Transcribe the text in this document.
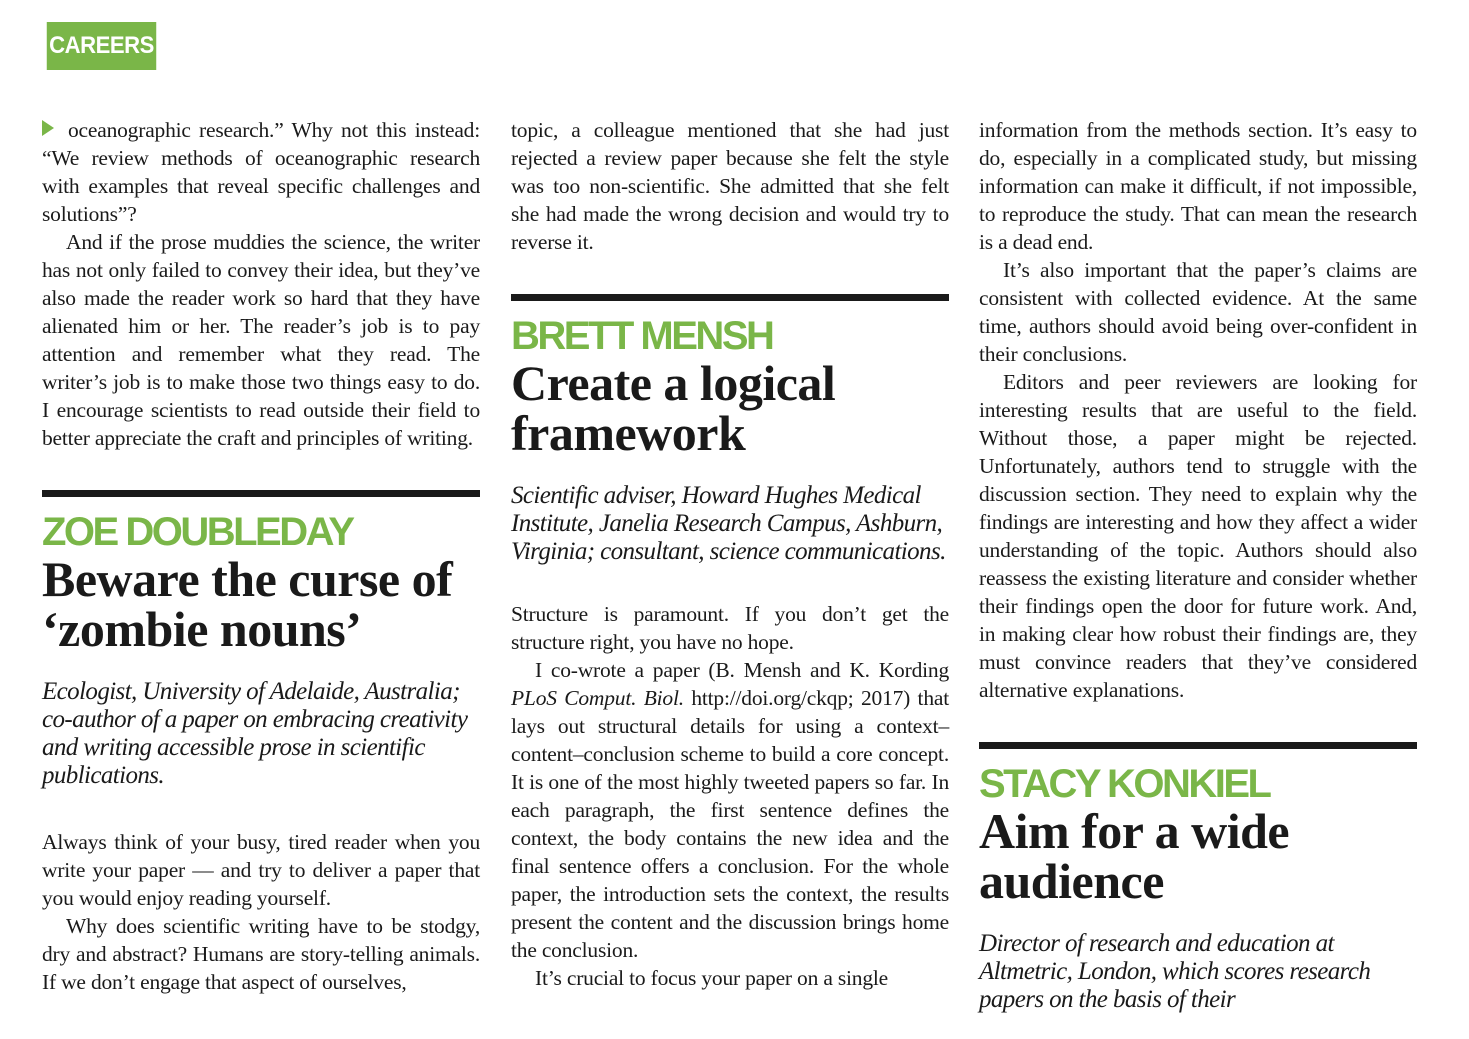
CAREERS

oceanographic research.” Why not this instead: “We review methods of oceanographic research with examples that reveal specific challenges and solutions”?

And if the prose muddies the science, the writer has not only failed to convey their idea, but they’ve also made the reader work so hard that they have alienated him or her. The reader’s job is to pay attention and remember what they read. The writer’s job is to make those two things easy to do. I encourage scientists to read outside their field to better appreciate the craft and principles of writing.

ZOE DOUBLEDAY

Beware the curse of ‘zombie nouns’

Ecologist, University of Adelaide, Australia; co-author of a paper on embracing creativity and writing accessible prose in scientific publications.

Always think of your busy, tired reader when you write your paper — and try to deliver a paper that you would enjoy reading yourself.

Why does scientific writing have to be stodgy, dry and abstract? Humans are story-telling animals. If we don’t engage that aspect of ourselves,

topic, a colleague mentioned that she had just rejected a review paper because she felt the style was too non-scientific. She admitted that she felt she had made the wrong decision and would try to reverse it.

BRETT MENSH

Create a logical framework

Scientific adviser, Howard Hughes Medical Institute, Janelia Research Campus, Ashburn, Virginia; consultant, science communications.

Structure is paramount. If you don’t get the structure right, you have no hope.

I co-wrote a paper (B. Mensh and K. Kording PLoS Comput. Biol. http://doi.org/ckqp; 2017) that lays out structural details for using a context–content–conclusion scheme to build a core concept. It is one of the most highly tweeted papers so far. In each paragraph, the first sentence defines the context, the body contains the new idea and the final sentence offers a conclusion. For the whole paper, the introduction sets the context, the results present the content and the discussion brings home the conclusion.

It’s crucial to focus your paper on a single

information from the methods section. It’s easy to do, especially in a complicated study, but missing information can make it difficult, if not impossible, to reproduce the study. That can mean the research is a dead end.

It’s also important that the paper’s claims are consistent with collected evidence. At the same time, authors should avoid being over-confident in their conclusions.

Editors and peer reviewers are looking for interesting results that are useful to the field. Without those, a paper might be rejected. Unfortunately, authors tend to struggle with the discussion section. They need to explain why the findings are interesting and how they affect a wider understanding of the topic. Authors should also reassess the existing literature and consider whether their findings open the door for future work. And, in making clear how robust their findings are, they must convince readers that they’ve considered alternative explanations.

STACY KONKIEL

Aim for a wide audience

Director of research and education at Altmetric, London, which scores research papers on the basis of their
